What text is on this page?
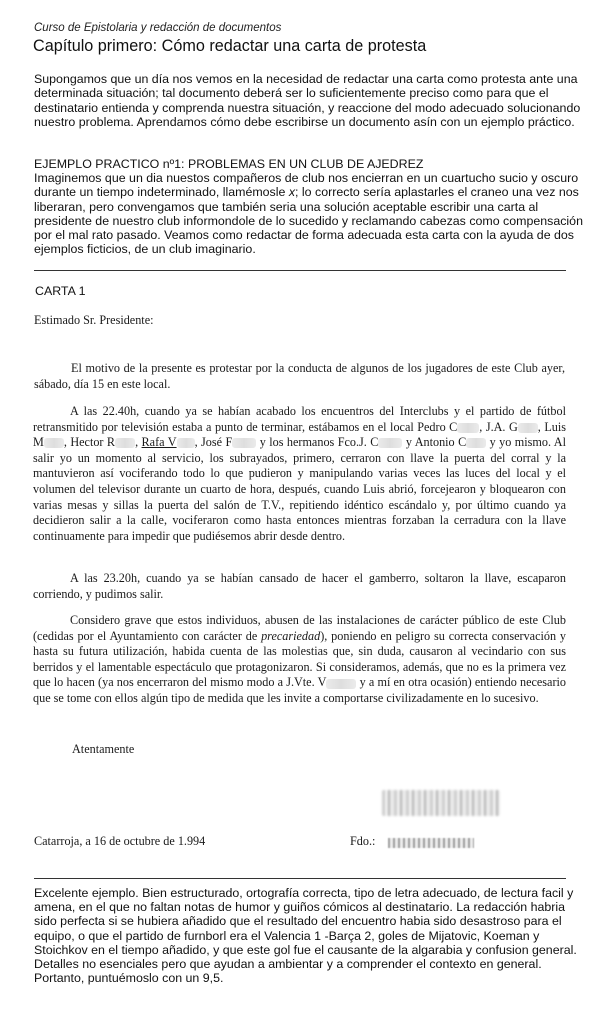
Curso de Epistolaria y redacción de documentos
Capítulo primero: Cómo redactar una carta de protesta
Supongamos que un día nos vemos en la necesidad de redactar una carta como protesta ante una determinada situación; tal documento deberá ser lo suficientemente preciso como para que el destinatario entienda y comprenda nuestra situación, y reaccione del modo adecuado solucionando nuestro problema. Aprendamos cómo debe escribirse un documento asín con un ejemplo práctico.
EJEMPLO PRACTICO nº1: PROBLEMAS EN UN CLUB DE AJEDREZ
Imaginemos que un dia nuestos compañeros de club nos encierran en un cuartucho sucio y oscuro durante un tiempo indeterminado, llamémosle x; lo correcto sería aplastarles el craneo una vez nos liberaran, pero convengamos que también seria una solución aceptable escribir una carta al presidente de nuestro club informondole de lo sucedido y reclamando cabezas como compensación por el mal rato pasado. Veamos como redactar de forma adecuada esta carta con la ayuda de dos ejemplos ficticios, de un club imaginario.
CARTA 1
Estimado Sr. Presidente:
El motivo de la presente es protestar por la conducta de algunos de los jugadores de este Club ayer, sábado, día 15 en este local.
A las 22.40h, cuando ya se habían acabado los encuentros del Interclubs y el partido de fútbol retransmitido por televisión estaba a punto de terminar, estábamos en el local Pedro C , J.A. G , Luis M , Hector R , Rafa V , José F y los hermanos Fco.J. C y Antonio C y yo mismo. Al salir yo un momento al servicio, los subrayados, primero, cerraron con llave la puerta del corral y la mantuvieron así vociferando todo lo que pudieron y manipulando varias veces las luces del local y el volumen del televisor durante un cuarto de hora, después, cuando Luis abrió, forcejearon y bloquearon con varias mesas y sillas la puerta del salón de T.V., repitiendo idéntico escándalo y, por último cuando ya decidieron salir a la calle, vociferaron como hasta entonces mientras forzaban la cerradura con la llave continuamente para impedir que pudiésemos abrir desde dentro.
A las 23.20h, cuando ya se habían cansado de hacer el gamberro, soltaron la llave, escaparon corriendo, y pudimos salir.
Considero grave que estos individuos, abusen de las instalaciones de carácter público de este Club (cedidas por el Ayuntamiento con carácter de precariedad), poniendo en peligro su correcta conservación y hasta su futura utilización, habida cuenta de las molestias que, sin duda, causaron al vecindario con sus berridos y el lamentable espectáculo que protagonizaron. Si consideramos, además, que no es la primera vez que lo hacen (ya nos encerraron del mismo modo a J.Vte. V	y a mí en otra ocasión) entiendo necesario que se tome con ellos algún tipo de medida que les invite a comportarse civilizadamente en lo sucesivo.
Atentamente
Catarroja, a 16 de octubre de 1.994	Fdo.:
Excelente ejemplo. Bien estructurado, ortografía correcta, tipo de letra adecuado, de lectura facil y amena, en el que no faltan notas de humor y guiños cómicos al destinatario. La redacción habria sido perfecta si se hubiera añadido que el resultado del encuentro habia sido desastroso para el equipo, o que el partido de furnborl era el Valencia 1 -Barça 2, goles de Mijatovic, Koeman y Stoichkov en el tiempo añadido, y que este gol fue el causante de la algarabia y confusion general. Detalles no esenciales pero que ayudan a ambientar y a comprender el contexto en general. Portanto, puntuémoslo con un 9,5.
